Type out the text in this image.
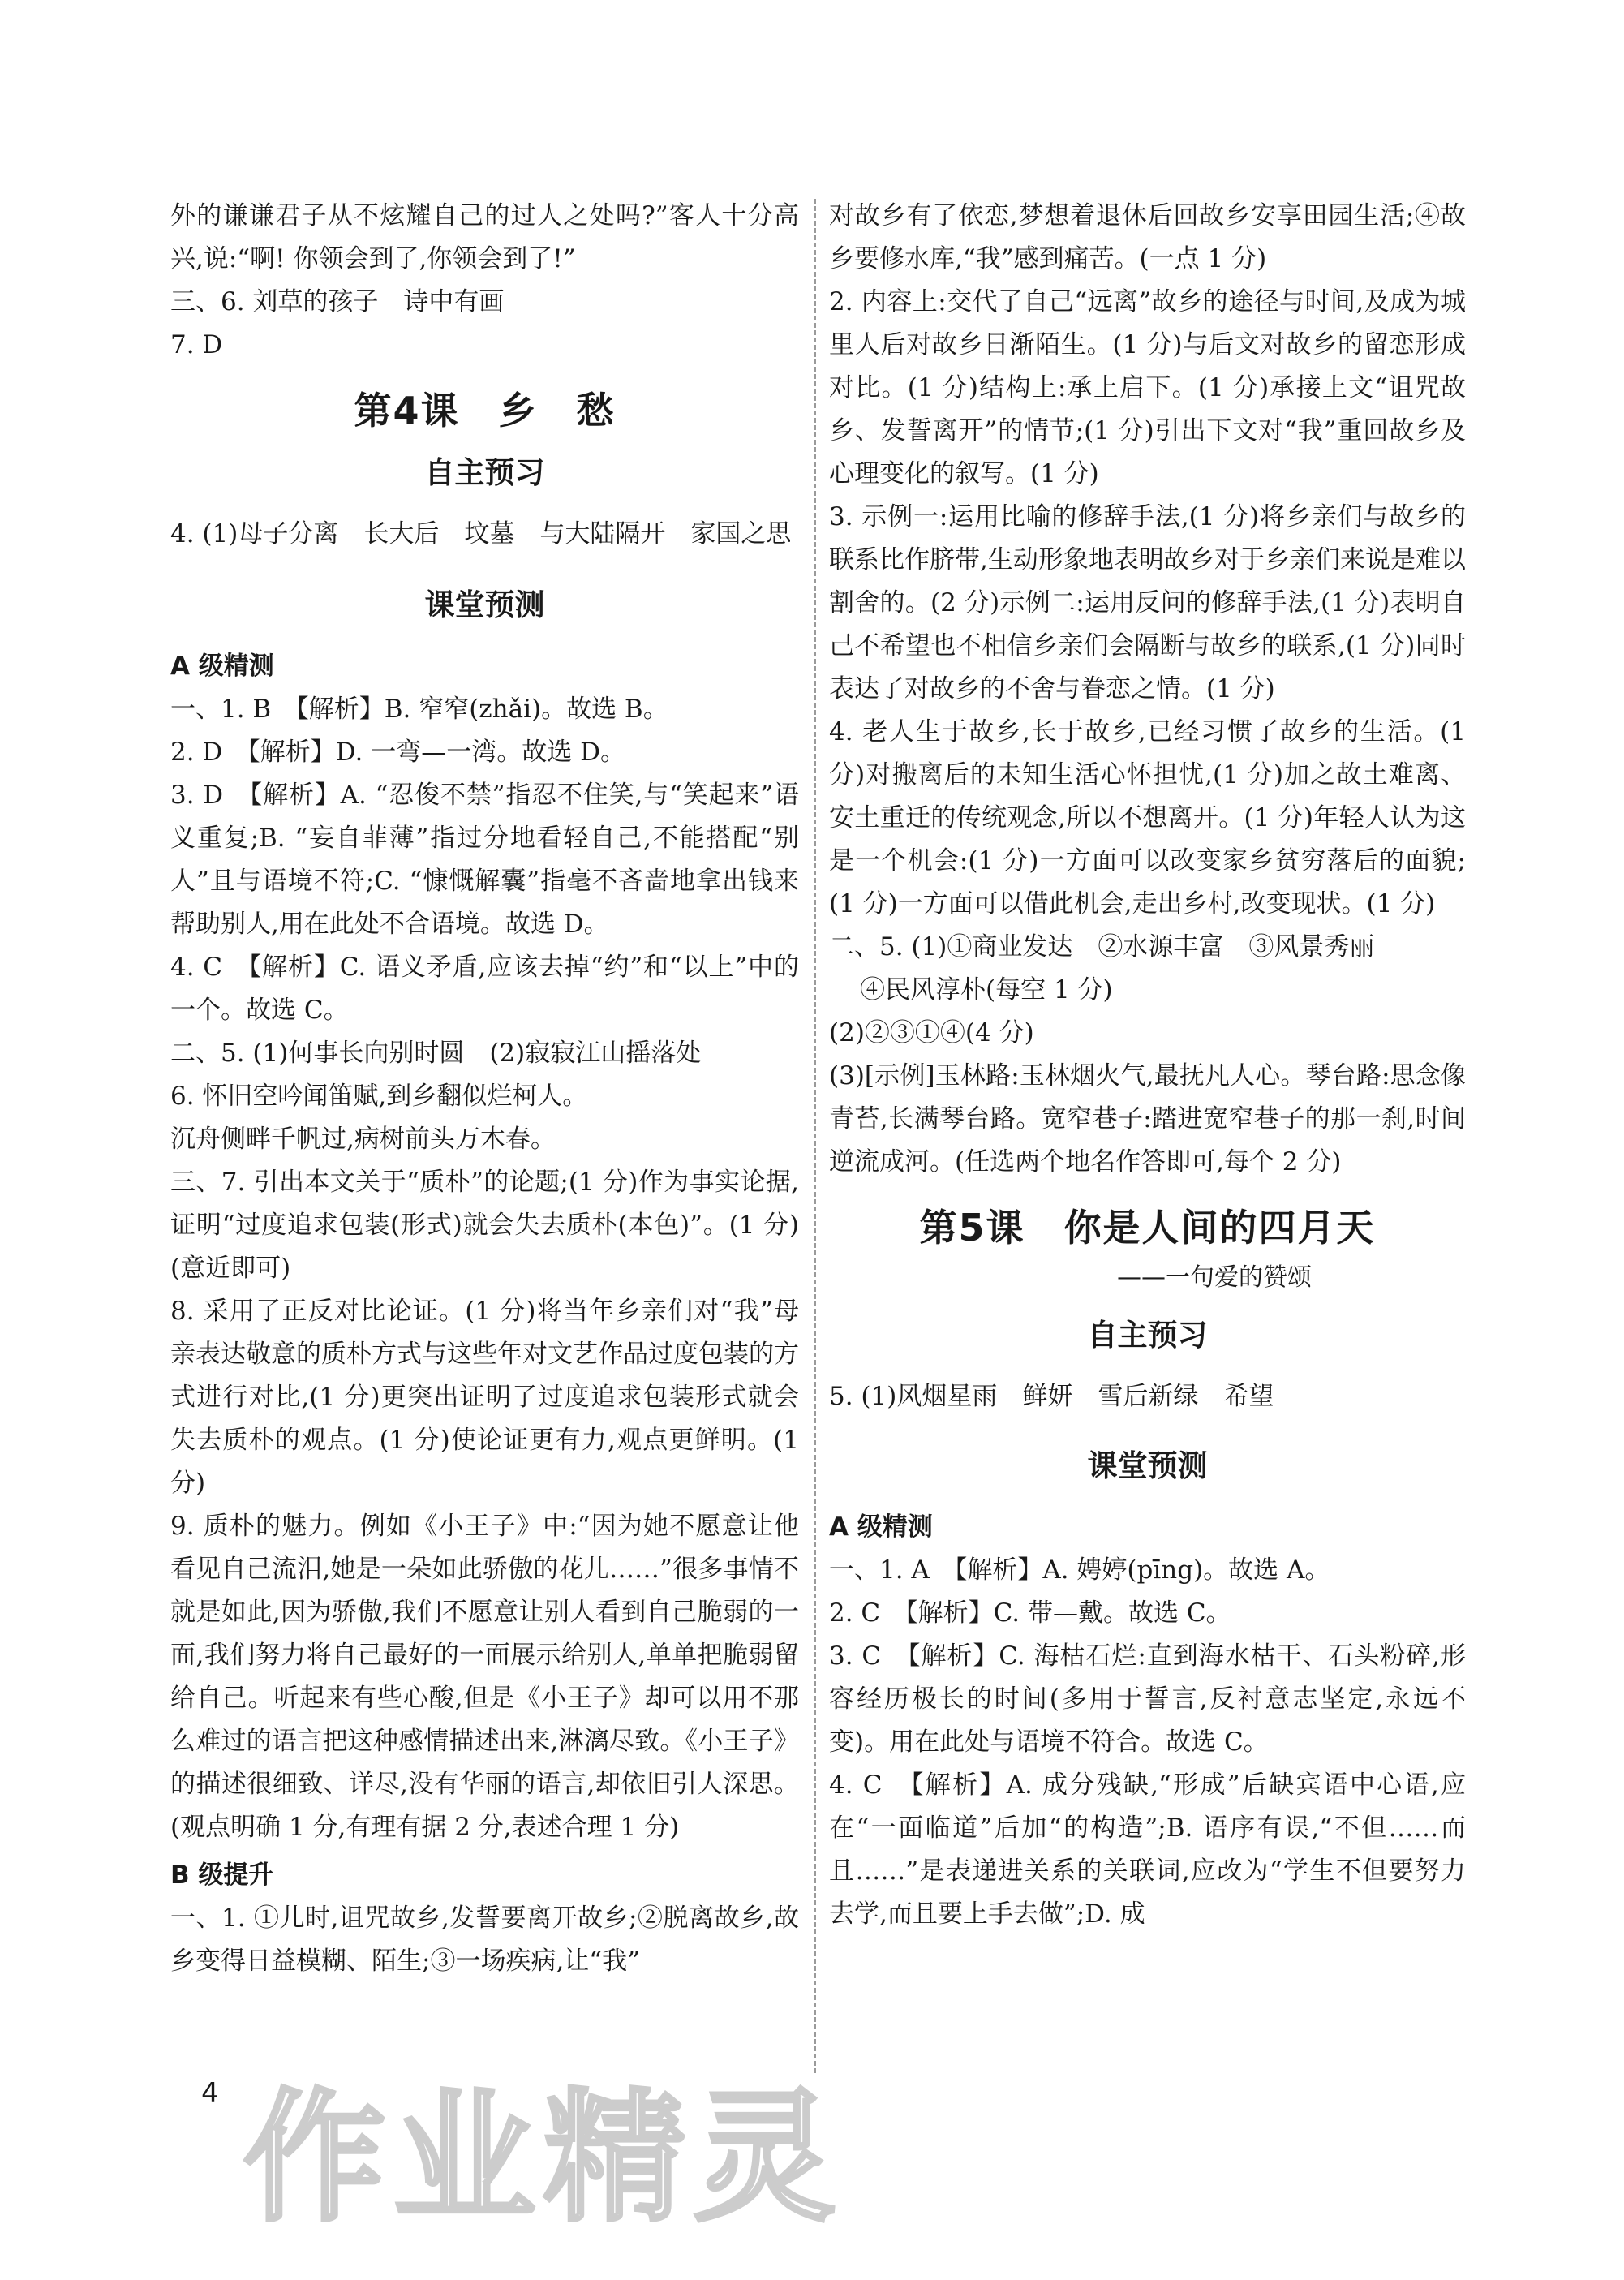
外的谦谦君子从不炫耀自己的过人之处吗?”客人十分高兴,说:“啊! 你领会到了,你领会到了!”

三、6. 刘草的孩子　诗中有画

7. D

第4课　乡　愁
自主预习

4. (1)母子分离　长大后　坟墓　与大陆隔开　家国之思

课堂预测
A 级精测

一、1. B　【解析】B. 窄窄(zhǎi)。故选 B。

2. D　【解析】D. 一弯—一湾。故选 D。

3. D　【解析】A. “忍俊不禁”指忍不住笑,与“笑起来”语义重复;B. “妄自菲薄”指过分地看轻自己,不能搭配“别人”且与语境不符;C. “慷慨解囊”指毫不吝啬地拿出钱来帮助别人,用在此处不合语境。故选 D。

4. C　【解析】C. 语义矛盾,应该去掉“约”和“以上”中的一个。故选 C。

二、5. (1)何事长向别时圆　(2)寂寂江山摇落处

6. 怀旧空吟闻笛赋,到乡翻似烂柯人。

沉舟侧畔千帆过,病树前头万木春。

三、7. 引出本文关于“质朴”的论题;(1 分)作为事实论据,证明“过度追求包装(形式)就会失去质朴(本色)”。(1 分)(意近即可)

8. 采用了正反对比论证。(1 分)将当年乡亲们对“我”母亲表达敬意的质朴方式与这些年对文艺作品过度包装的方式进行对比,(1 分)更突出证明了过度追求包装形式就会失去质朴的观点。(1 分)使论证更有力,观点更鲜明。(1 分)

9. 质朴的魅力。例如《小王子》中:“因为她不愿意让他看见自己流泪,她是一朵如此骄傲的花儿……”很多事情不就是如此,因为骄傲,我们不愿意让别人看到自己脆弱的一面,我们努力将自己最好的一面展示给别人,单单把脆弱留给自己。听起来有些心酸,但是《小王子》却可以用不那么难过的语言把这种感情描述出来,淋漓尽致。《小王子》的描述很细致、详尽,没有华丽的语言,却依旧引人深思。(观点明确 1 分,有理有据 2 分,表述合理 1 分)

B 级提升

一、1. ①儿时,诅咒故乡,发誓要离开故乡;②脱离故乡,故乡变得日益模糊、陌生;③一场疾病,让“我”

对故乡有了依恋,梦想着退休后回故乡安享田园生活;④故乡要修水库,“我”感到痛苦。(一点 1 分)

2. 内容上:交代了自己“远离”故乡的途径与时间,及成为城里人后对故乡日渐陌生。(1 分)与后文对故乡的留恋形成对比。(1 分)结构上:承上启下。(1 分)承接上文“诅咒故乡、发誓离开”的情节;(1 分)引出下文对“我”重回故乡及心理变化的叙写。(1 分)

3. 示例一:运用比喻的修辞手法,(1 分)将乡亲们与故乡的联系比作脐带,生动形象地表明故乡对于乡亲们来说是难以割舍的。(2 分)示例二:运用反问的修辞手法,(1 分)表明自己不希望也不相信乡亲们会隔断与故乡的联系,(1 分)同时表达了对故乡的不舍与眷恋之情。(1 分)

4. 老人生于故乡,长于故乡,已经习惯了故乡的生活。(1 分)对搬离后的未知生活心怀担忧,(1 分)加之故土难离、安土重迁的传统观念,所以不想离开。(1 分)年轻人认为这是一个机会:(1 分)一方面可以改变家乡贫穷落后的面貌;(1 分)一方面可以借此机会,走出乡村,改变现状。(1 分)

二、5. (1)①商业发达　②水源丰富　③风景秀丽

④民风淳朴(每空 1 分)

(2)②③①④(4 分)

(3)[示例]玉林路:玉林烟火气,最抚凡人心。琴台路:思念像青苔,长满琴台路。宽窄巷子:踏进宽窄巷子的那一刹,时间逆流成河。(任选两个地名作答即可,每个 2 分)

第5课　你是人间的四月天
——一句爱的赞颂
自主预习

5. (1)风烟星雨　鲜妍　雪后新绿　希望

课堂预测
A 级精测

一、1. A　【解析】A. 娉婷(pīng)。故选 A。

2. C　【解析】C. 带—戴。故选 C。

3. C　【解析】C. 海枯石烂:直到海水枯干、石头粉碎,形容经历极长的时间(多用于誓言,反衬意志坚定,永远不变)。用在此处与语境不符合。故选 C。

4. C　【解析】A. 成分残缺,“形成”后缺宾语中心语,应在“一面临道”后加“的构造”;B. 语序有误,“不但……而且……”是表递进关系的关联词,应改为“学生不但要努力去学,而且要上手去做”;D. 成

4 作业精灵
